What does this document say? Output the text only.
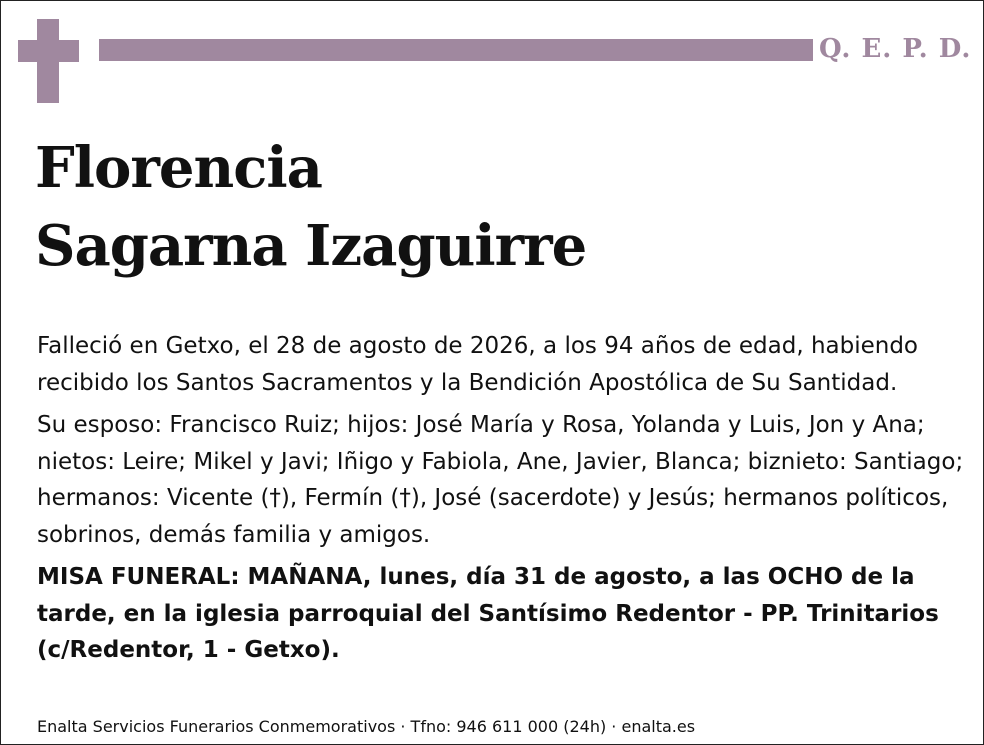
Q. E. P. D.
Florencia
Sagarna Izaguirre

Falleció en Getxo, el 28 de agosto de 2026, a los 94 años de edad, habiendo recibido los Santos Sacramentos y la Bendición Apostólica de Su Santidad.

Su esposo: Francisco Ruiz; hijos: José María y Rosa, Yolanda y Luis, Jon y Ana; nietos: Leire; Mikel y Javi; Iñigo y Fabiola, Ane, Javier, Blanca; biznieto: Santiago; hermanos: Vicente (†), Fermín (†), José (sacerdote) y Jesús; hermanos políticos, sobrinos, demás familia y amigos.

MISA FUNERAL: MAÑANA, lunes, día 31 de agosto, a las OCHO de la tarde, en la iglesia parroquial del Santísimo Redentor - PP. Trinitarios (c/Redentor, 1 - Getxo).

Enalta Servicios Funerarios Conmemorativos · Tfno: 946 611 000 (24h) · enalta.es
